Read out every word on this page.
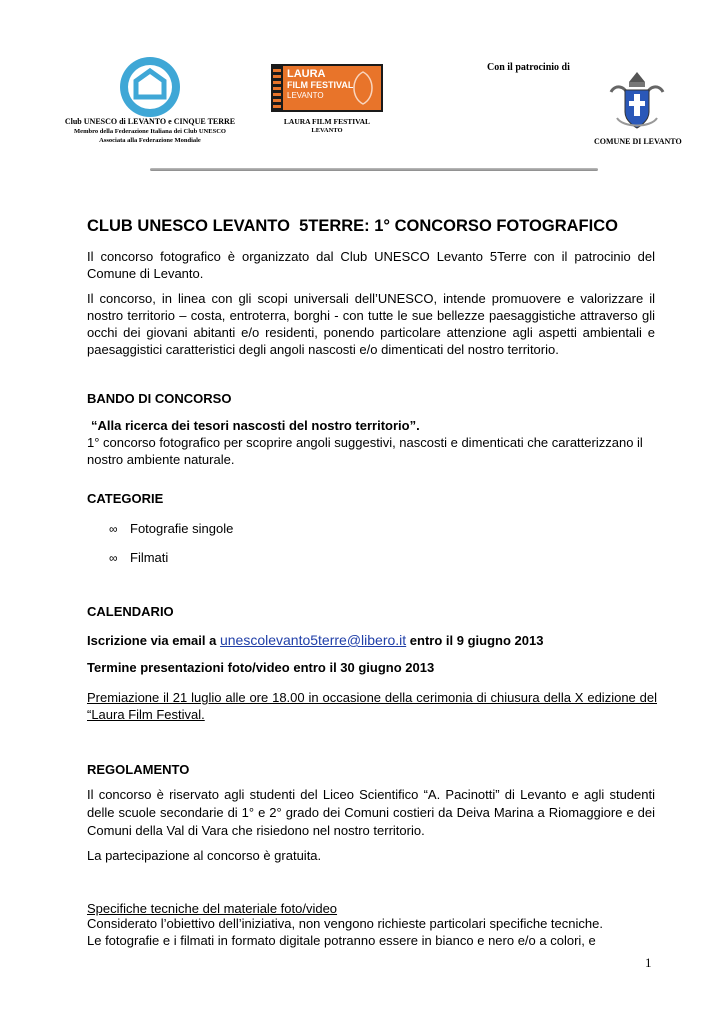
Club UNESCO di LEVANTO e CINQUE TERRE
Membro della Federazione Italiana dei Club UNESCO
Associata alla Federazione Mondiale
LAURA
FILM FESTIVAL
LEVANTO
LAURA FILM FESTIVAL
LEVANTO
Con il patrocinio di
COMUNE DI LEVANTO
CLUB UNESCO LEVANTO  5TERRE: 1° CONCORSO FOTOGRAFICO
Il concorso fotografico è organizzato dal Club UNESCO Levanto 5Terre con il patrocinio del Comune di Levanto.
Il concorso, in linea con gli scopi universali dell’UNESCO, intende promuovere e valorizzare il nostro territorio – costa, entroterra, borghi - con tutte le sue bellezze paesaggistiche attraverso gli occhi dei giovani abitanti e/o residenti, ponendo particolare attenzione agli aspetti ambientali e paesaggistici caratteristici degli angoli nascosti e/o dimenticati del nostro territorio.
BANDO DI CONCORSO
“Alla ricerca dei tesori nascosti del nostro territorio”.
1° concorso fotografico per scoprire angoli suggestivi, nascosti e dimenticati che caratterizzano il nostro ambiente naturale.
CATEGORIE
∞ Fotografie singole
∞ Filmati
CALENDARIO
Iscrizione via email a unescolevanto5terre@libero.it entro il 9 giugno 2013
Termine presentazioni foto/video entro il 30 giugno 2013
Premiazione il 21 luglio alle ore 18.00 in occasione della cerimonia di chiusura della X edizione del “Laura Film Festival.
REGOLAMENTO
Il concorso è riservato agli studenti del Liceo Scientifico “A. Pacinotti” di Levanto e agli studenti delle scuole secondarie di 1° e 2° grado dei Comuni costieri da Deiva Marina a Riomaggiore e dei Comuni della Val di Vara che risiedono nel nostro territorio.
La partecipazione al concorso è gratuita.
Specifiche tecniche del materiale foto/video
Considerato l’obiettivo dell’iniziativa, non vengono richieste particolari specifiche tecniche.
Le fotografie e i filmati in formato digitale potranno essere in bianco e nero e/o a colori, e
1
